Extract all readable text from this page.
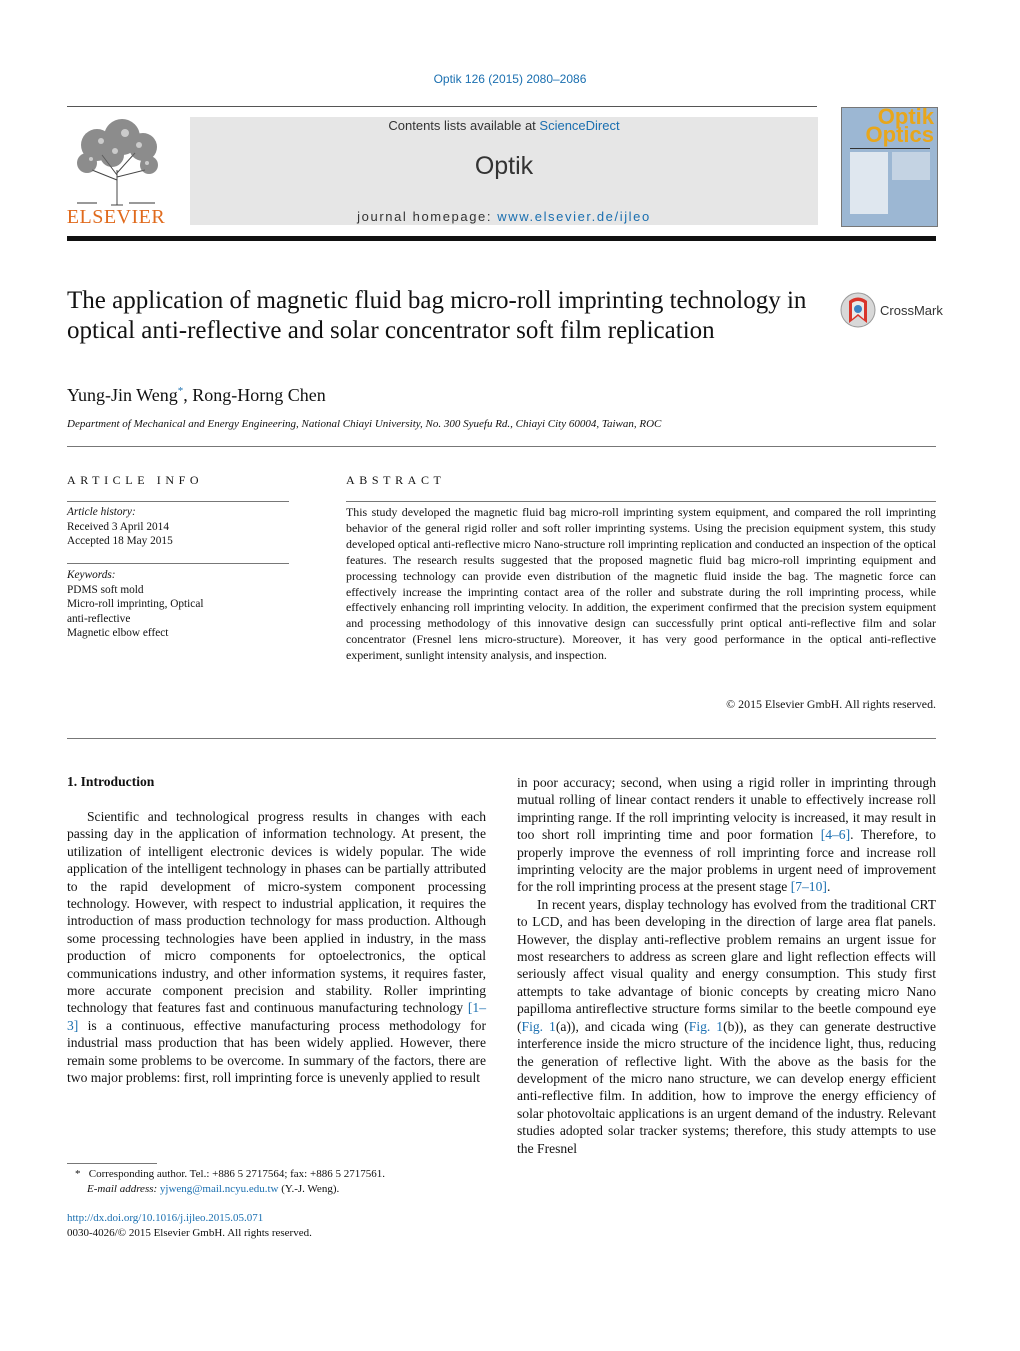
Optik 126 (2015) 2080–2086
ELSEVIER
Contents lists available at ScienceDirect
Optik
journal homepage: www.elsevier.de/ijleo
Optik Optics
The application of magnetic fluid bag micro-roll imprinting technology in optical anti-reflective and solar concentrator soft film replication
CrossMark
Yung-Jin Weng*, Rong-Horng Chen
Department of Mechanical and Energy Engineering, National Chiayi University, No. 300 Syuefu Rd., Chiayi City 60004, Taiwan, ROC
ARTICLE INFO
Article history:
Received 3 April 2014
Accepted 18 May 2015
Keywords:
PDMS soft mold
Micro-roll imprinting, Optical
anti-reflective
Magnetic elbow effect
ABSTRACT
This study developed the magnetic fluid bag micro-roll imprinting system equipment, and compared the roll imprinting behavior of the general rigid roller and soft roller imprinting systems. Using the precision equipment system, this study developed optical anti-reflective micro Nano-structure roll imprinting replication and conducted an inspection of the optical features. The research results suggested that the proposed magnetic fluid bag micro-roll imprinting equipment and processing technology can provide even distribution of the magnetic fluid inside the bag. The magnetic force can effectively increase the imprinting contact area of the roller and substrate during the roll imprinting process, while effectively enhancing roll imprinting velocity. In addition, the experiment confirmed that the precision system equipment and processing methodology of this innovative design can successfully print optical anti-reflective film and solar concentrator (Fresnel lens micro-structure). Moreover, it has very good performance in the optical anti-reflective experiment, sunlight intensity analysis, and inspection.
© 2015 Elsevier GmbH. All rights reserved.
1. Introduction

Scientific and technological progress results in changes with each passing day in the application of information technology. At present, the utilization of intelligent electronic devices is widely popular. The wide application of the intelligent technology in phases can be partially attributed to the rapid development of micro-system component processing technology. However, with respect to industrial application, it requires the introduction of mass production technology for mass production. Although some processing technologies have been applied in industry, in the mass production of micro components for optoelectronics, the optical communications industry, and other information systems, it requires faster, more accurate component precision and stability. Roller imprinting technology that features fast and continuous manufacturing technology [1–3] is a continuous, effective manufacturing process methodology for industrial mass production that has been widely applied. However, there remain some problems to be overcome. In summary of the factors, there are two major problems: first, roll imprinting force is unevenly applied to result

in poor accuracy; second, when using a rigid roller in imprinting through mutual rolling of linear contact renders it unable to effectively increase roll imprinting range. If the roll imprinting velocity is increased, it may result in too short roll imprinting time and poor formation [4–6]. Therefore, to properly improve the evenness of roll imprinting force and increase roll imprinting velocity are the major problems in urgent need of improvement for the roll imprinting process at the present stage [7–10].

In recent years, display technology has evolved from the traditional CRT to LCD, and has been developing in the direction of large area flat panels. However, the display anti-reflective problem remains an urgent issue for most researchers to address as screen glare and light reflection effects will seriously affect visual quality and energy consumption. This study first attempts to take advantage of bionic concepts by creating micro Nano papilloma antireflective structure forms similar to the beetle compound eye (Fig. 1(a)), and cicada wing (Fig. 1(b)), as they can generate destructive interference inside the micro structure of the incidence light, thus, reducing the generation of reflective light. With the above as the basis for the development of the micro nano structure, we can develop energy efficient anti-reflective film. In addition, how to improve the energy efficiency of solar photovoltaic applications is an urgent demand of the industry. Relevant studies adopted solar tracker systems; therefore, this study attempts to use the Fresnel

* Corresponding author. Tel.: +886 5 2717564; fax: +886 5 2717561.
E-mail address: yjweng@mail.ncyu.edu.tw (Y.-J. Weng).
http://dx.doi.org/10.1016/j.ijleo.2015.05.071
0030-4026/© 2015 Elsevier GmbH. All rights reserved.
